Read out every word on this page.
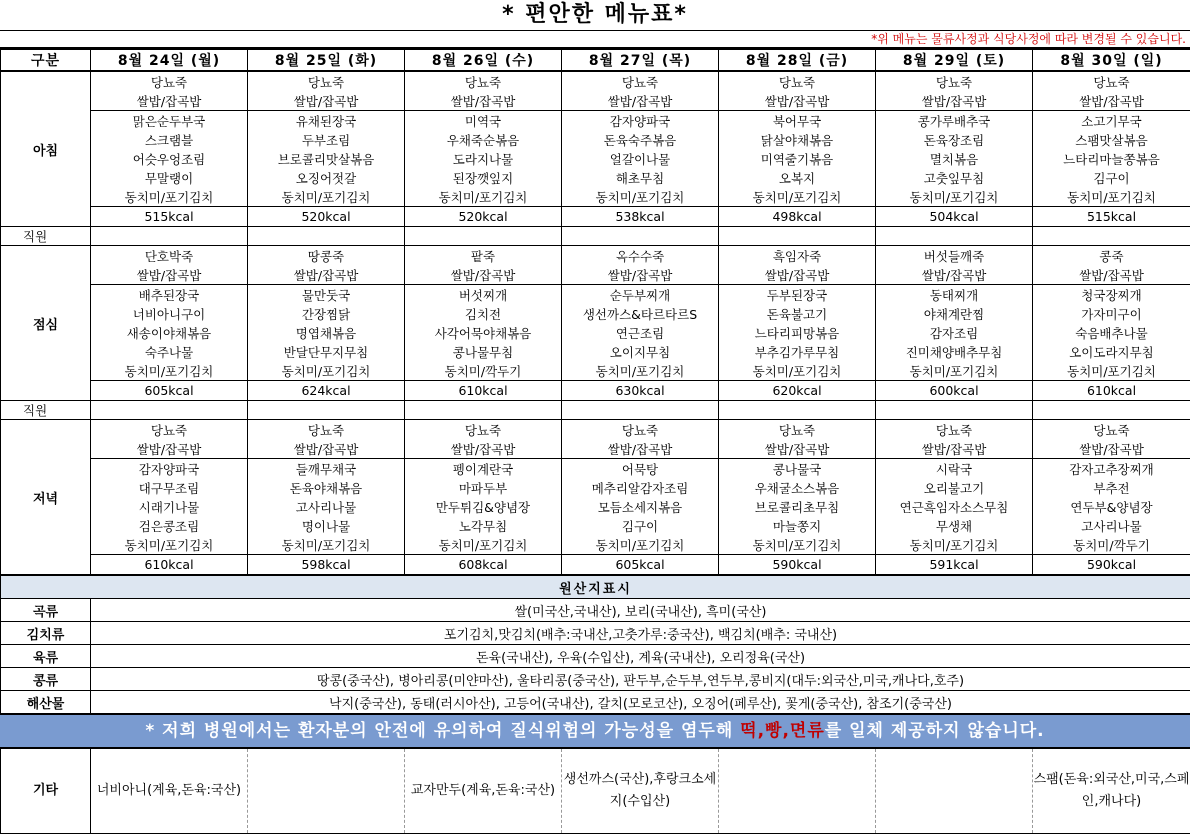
* 편안한 메뉴표*
*위 메뉴는 물류사정과 식당사정에 따라 변경될 수 있습니다.
구분	8월 24일 (월)	8월 25일 (화)	8월 26일 (수)	8월 27일 (목)	8월 28일 (금)	8월 29일 (토)	8월 30일 (일)
아침	당뇨죽	당뇨죽	당뇨죽	당뇨죽	당뇨죽	당뇨죽	당뇨죽
	쌀밥/잡곡밥	쌀밥/잡곡밥	쌀밥/잡곡밥	쌀밥/잡곡밥	쌀밥/잡곡밥	쌀밥/잡곡밥	쌀밥/잡곡밥
	맑은순두부국	유채된장국	미역국	감자양파국	북어무국	콩가루배추국	소고기무국
	스크램블	두부조림	우채죽순볶음	돈육숙주볶음	닭살야채볶음	돈육장조림	스팸맛살볶음
	어슷우엉조림	브로콜리맛살볶음	도라지나물	얼갈이나물	미역줄기볶음	멸치볶음	느타리마늘쫑볶음
	무말랭이	오징어젓갈	된장깻잎지	해초무침	오복지	고춧잎무침	김구이
	동치미/포기김치	동치미/포기김치	동치미/포기김치	동치미/포기김치	동치미/포기김치	동치미/포기김치	동치미/포기김치
	515kcal	520kcal	520kcal	538kcal	498kcal	504kcal	515kcal
직원							
점심	단호박죽	땅콩죽	팥죽	옥수수죽	흑임자죽	버섯들깨죽	콩죽
	쌀밥/잡곡밥	쌀밥/잡곡밥	쌀밥/잡곡밥	쌀밥/잡곡밥	쌀밥/잡곡밥	쌀밥/잡곡밥	쌀밥/잡곡밥
	배추된장국	물만둣국	버섯찌개	순두부찌개	두부된장국	동태찌개	청국장찌개
	너비아니구이	간장찜닭	김치전	생선까스&타르타르S	돈육불고기	야채계란찜	가자미구이
	새송이야채볶음	명엽채볶음	사각어묵야채볶음	연근조림	느타리피망볶음	감자조림	숙음배추나물
	숙주나물	반달단무지무침	콩나물무침	오이지무침	부추김가루무침	진미채양배추무침	오이도라지무침
	동치미/포기김치	동치미/포기김치	동치미/깍두기	동치미/포기김치	동치미/포기김치	동치미/포기김치	동치미/포기김치
	605kcal	624kcal	610kcal	630kcal	620kcal	600kcal	610kcal
직원							
저녁	당뇨죽	당뇨죽	당뇨죽	당뇨죽	당뇨죽	당뇨죽	당뇨죽
	쌀밥/잡곡밥	쌀밥/잡곡밥	쌀밥/잡곡밥	쌀밥/잡곡밥	쌀밥/잡곡밥	쌀밥/잡곡밥	쌀밥/잡곡밥
	감자양파국	들깨무채국	펭이계란국	어묵탕	콩나물국	시락국	감자고추장찌개
	대구무조림	돈육야채볶음	마파두부	메추리알감자조림	우채굴소스볶음	오리불고기	부추전
	시래기나물	고사리나물	만두튀김&양념장	모듬소세지볶음	브로콜리초무침	연근흑임자소스무침	연두부&양념장
	검은콩조림	명이나물	노각무침	김구이	마늘쫑지	무생채	고사리나물
	동치미/포기김치	동치미/포기김치	동치미/포기김치	동치미/포기김치	동치미/포기김치	동치미/포기김치	동치미/깍두기
	610kcal	598kcal	608kcal	605kcal	590kcal	591kcal	590kcal
원산지표시	
곡류	쌀(미국산,국내산), 보리(국내산), 흑미(국산)
김치류	포기김치,맛김치(배추:국내산,고춧가루:중국산), 백김치(배추: 국내산)
육류	돈육(국내산), 우육(수입산), 계육(국내산), 오리정육(국산)
콩류	땅콩(중국산), 병아리콩(미얀마산), 울타리콩(중국산), 판두부,순두부,연두부,콩비지(대두:외국산,미국,캐나다,호주)
해산물	낙지(중국산), 동태(러시아산), 고등어(국내산), 갈치(모로코산), 오징어(페루산), 꽃게(중국산), 참조기(중국산)
* 저희 병원에서는 환자분의 안전에 유의하여 질식위험의 가능성을 염두해 떡,빵,면류를 일체 제공하지 않습니다.
기타	너비아니(계육,돈육:국산)		교자만두(계육,돈육:국산)	생선까스(국산),후랑크소세지(수입산)			스팸(돈육:외국산,미국,스페인,캐나다)
